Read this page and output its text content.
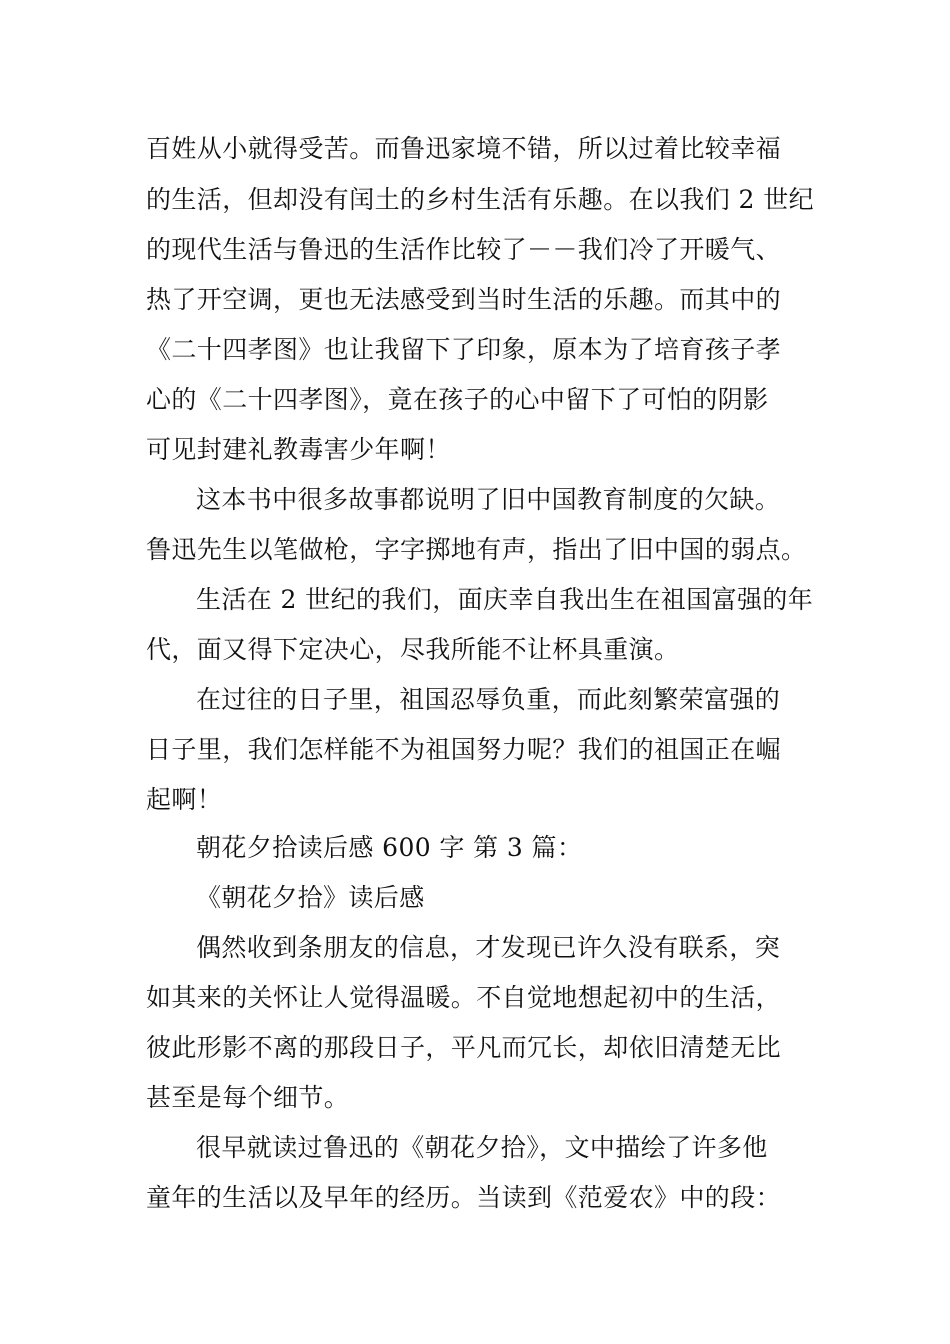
百姓从小就得受苦。而鲁迅家境不错，所以过着比较幸福
的生活，但却没有闰土的乡村生活有乐趣。在以我们 2 世纪
的现代生活与鲁迅的生活作比较了－－我们冷了开暖气、
热了开空调，更也无法感受到当时生活的乐趣。而其中的
《二十四孝图》也让我留下了印象，原本为了培育孩子孝
心的《二十四孝图》，竟在孩子的心中留下了可怕的阴影
可见封建礼教毒害少年啊！
这本书中很多故事都说明了旧中国教育制度的欠缺。
鲁迅先生以笔做枪，字字掷地有声，指出了旧中国的弱点。
生活在 2 世纪的我们，面庆幸自我出生在祖国富强的年
代，面又得下定决心，尽我所能不让杯具重演。
在过往的日子里，祖国忍辱负重，而此刻繁荣富强的
日子里，我们怎样能不为祖国努力呢？我们的祖国正在崛
起啊！
朝花夕拾读后感 600 字 第 3 篇：
《朝花夕拾》读后感
偶然收到条朋友的信息，才发现已许久没有联系，突
如其来的关怀让人觉得温暖。不自觉地想起初中的生活，
彼此形影不离的那段日子，平凡而冗长，却依旧清楚无比
甚至是每个细节。
很早就读过鲁迅的《朝花夕拾》，文中描绘了许多他
童年的生活以及早年的经历。当读到《范爱农》中的段：
